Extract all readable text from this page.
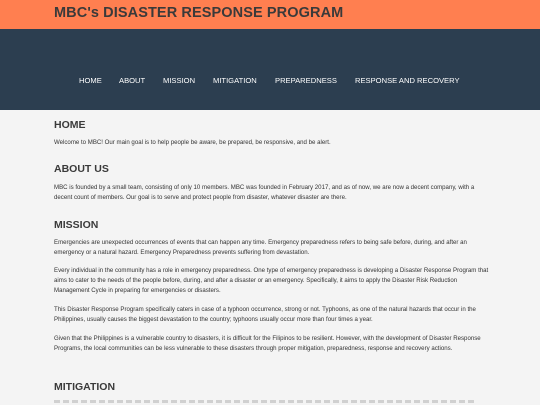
MBC's DISASTER RESPONSE PROGRAM
HOME ABOUT MISSION MITIGATION PREPAREDNESS RESPONSE AND RECOVERY
HOME

Welcome to MBC! Our main goal is to help people be aware, be prepared, be responsive, and be alert.

ABOUT US

MBC is founded by a small team, consisting of only 10 members. MBC was founded in February 2017, and as of now, we are now a decent company, with a decent count of members. Our goal is to serve and protect people from disaster, whatever disaster are there.

MISSION

Emergencies are unexpected occurrences of events that can happen any time. Emergency preparedness refers to being safe before, during, and after an emergency or a natural hazard. Emergency Preparedness prevents suffering from devastation.

Every individual in the community has a role in emergency preparedness. One type of emergency preparedness is developing a Disaster Response Program that aims to cater to the needs of the people before, during, and after a disaster or an emergency. Specifically, it aims to apply the Disaster Risk Reduction Management Cycle in preparing for emergencies or disasters.

This Disaster Response Program specifically caters in case of a typhoon occurrence, strong or not. Typhoons, as one of the natural hazards that occur in the Philippines, usually causes the biggest devastation to the country; typhoons usually occur more than four times a year.

Given that the Philippines is a vulnerable country to disasters, it is difficult for the Filipinos to be resilient. However, with the development of Disaster Response Programs, the local communities can be less vulnerable to these disasters through proper mitigation, preparedness, response and recovery actions.

MITIGATION
